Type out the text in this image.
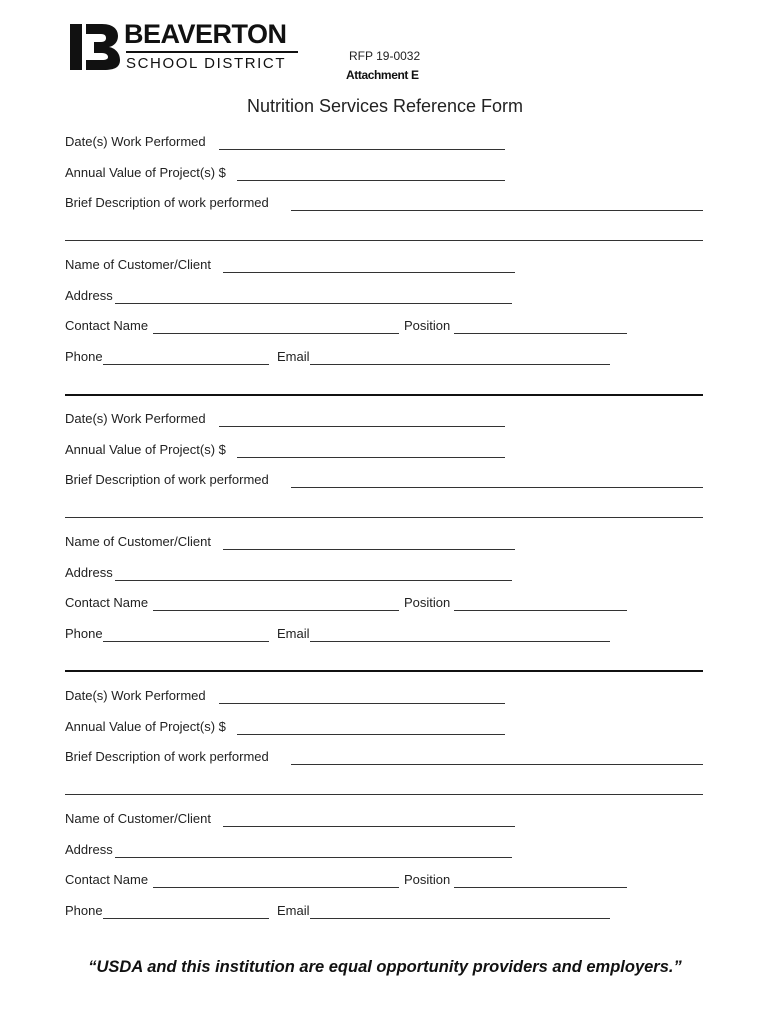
BEAVERTON
SCHOOL DISTRICT	RFP 19-0032
Attachment E
Nutrition Services Reference Form
Date(s) Work Performed
Annual Value of Project(s) $
Brief Description of work performed
Name of Customer/Client
Address
Contact Name	Position
Phone	Email
Date(s) Work Performed
Annual Value of Project(s) $
Brief Description of work performed
Name of Customer/Client
Address
Contact Name	Position
Phone	Email
Date(s) Work Performed
Annual Value of Project(s) $
Brief Description of work performed
Name of Customer/Client
Address
Contact Name	Position
Phone	Email
“USDA and this institution are equal opportunity providers and employers.”
